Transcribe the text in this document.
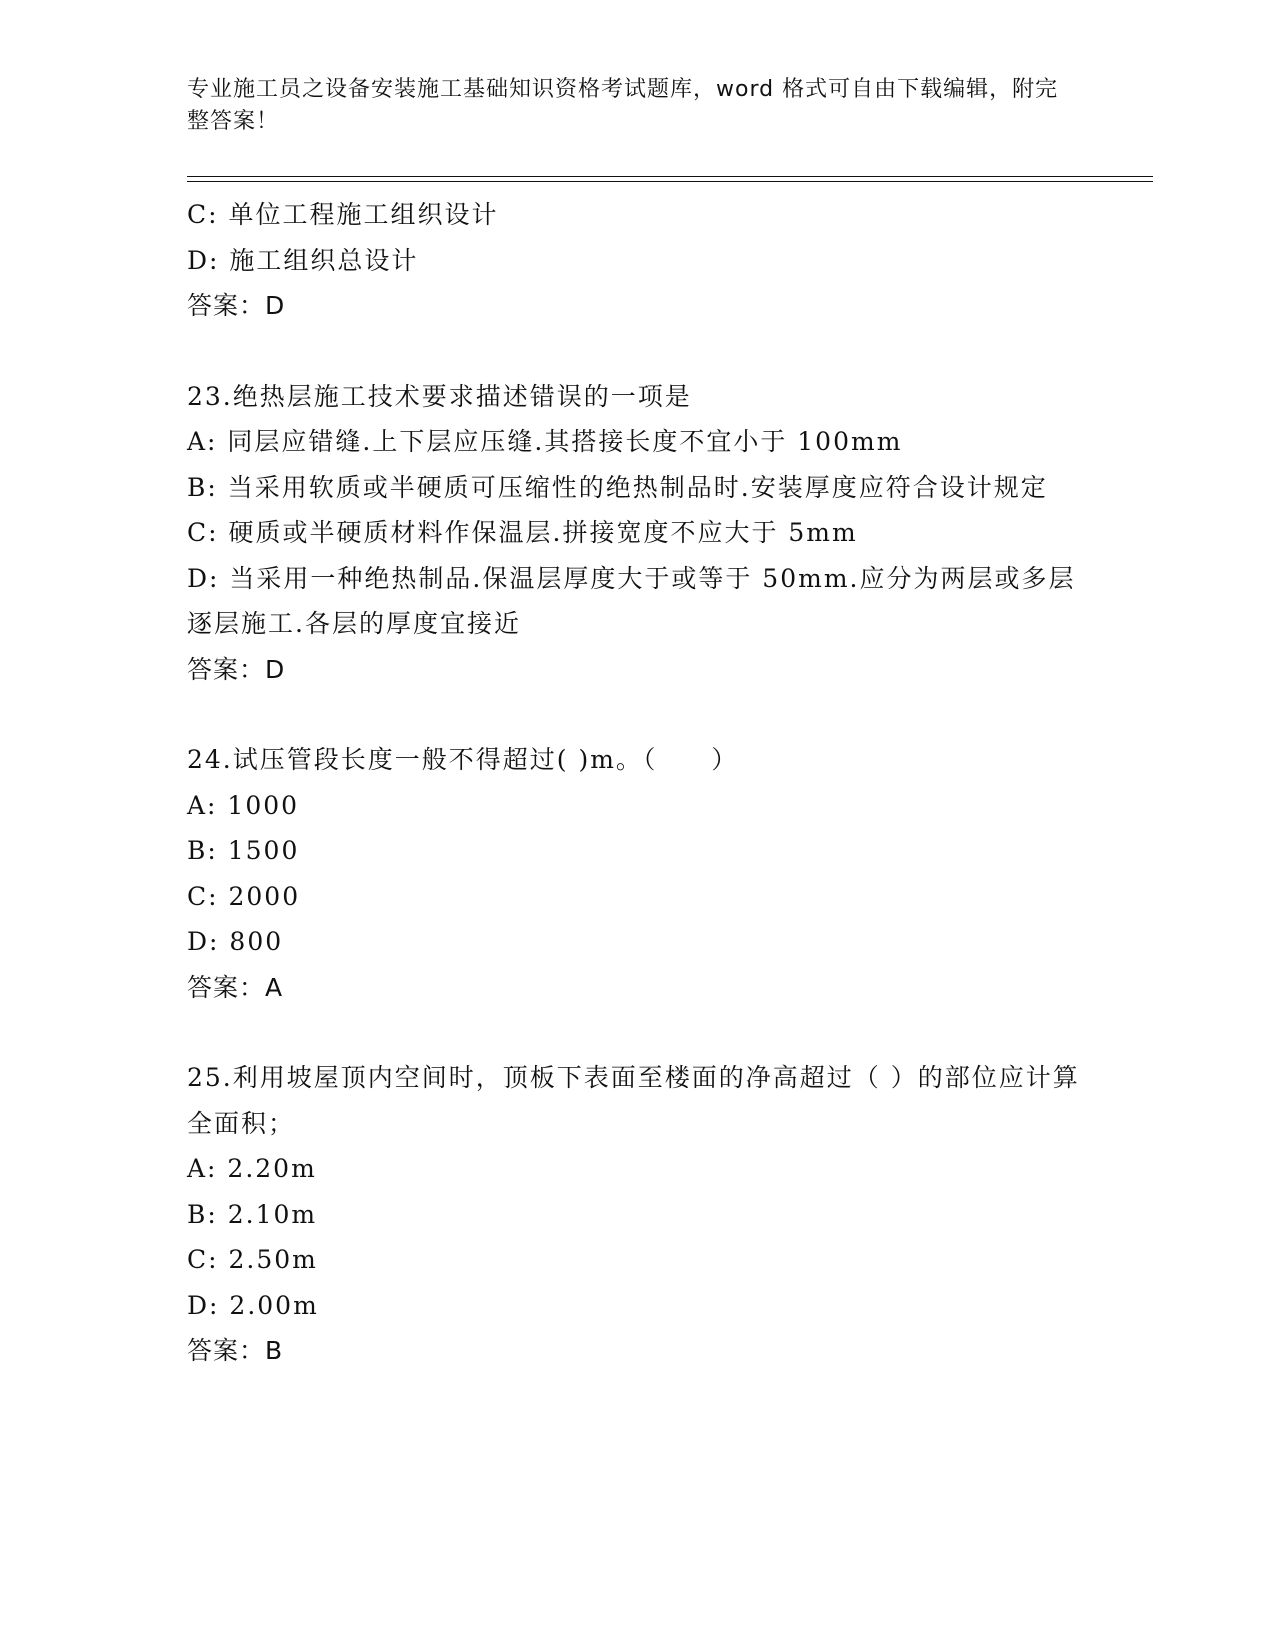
专业施工员之设备安装施工基础知识资格考试题库，word 格式可自由下载编辑，附完整答案！
C: 单位工程施工组织设计
D: 施工组织总设计
答案：D
23.绝热层施工技术要求描述错误的一项是
A: 同层应错缝.上下层应压缝.其搭接长度不宜小于 100mm
B: 当采用软质或半硬质可压缩性的绝热制品时.安装厚度应符合设计规定
C: 硬质或半硬质材料作保温层.拼接宽度不应大于 5mm
D: 当采用一种绝热制品.保温层厚度大于或等于 50mm.应分为两层或多层逐层施工.各层的厚度宜接近
答案：D
24.试压管段长度一般不得超过( )m。（　　）
A: 1000
B: 1500
C: 2000
D: 800
答案：A
25.利用坡屋顶内空间时，顶板下表面至楼面的净高超过（ ）的部位应计算全面积；
A: 2.20m
B: 2.10m
C: 2.50m
D: 2.00m
答案：B
